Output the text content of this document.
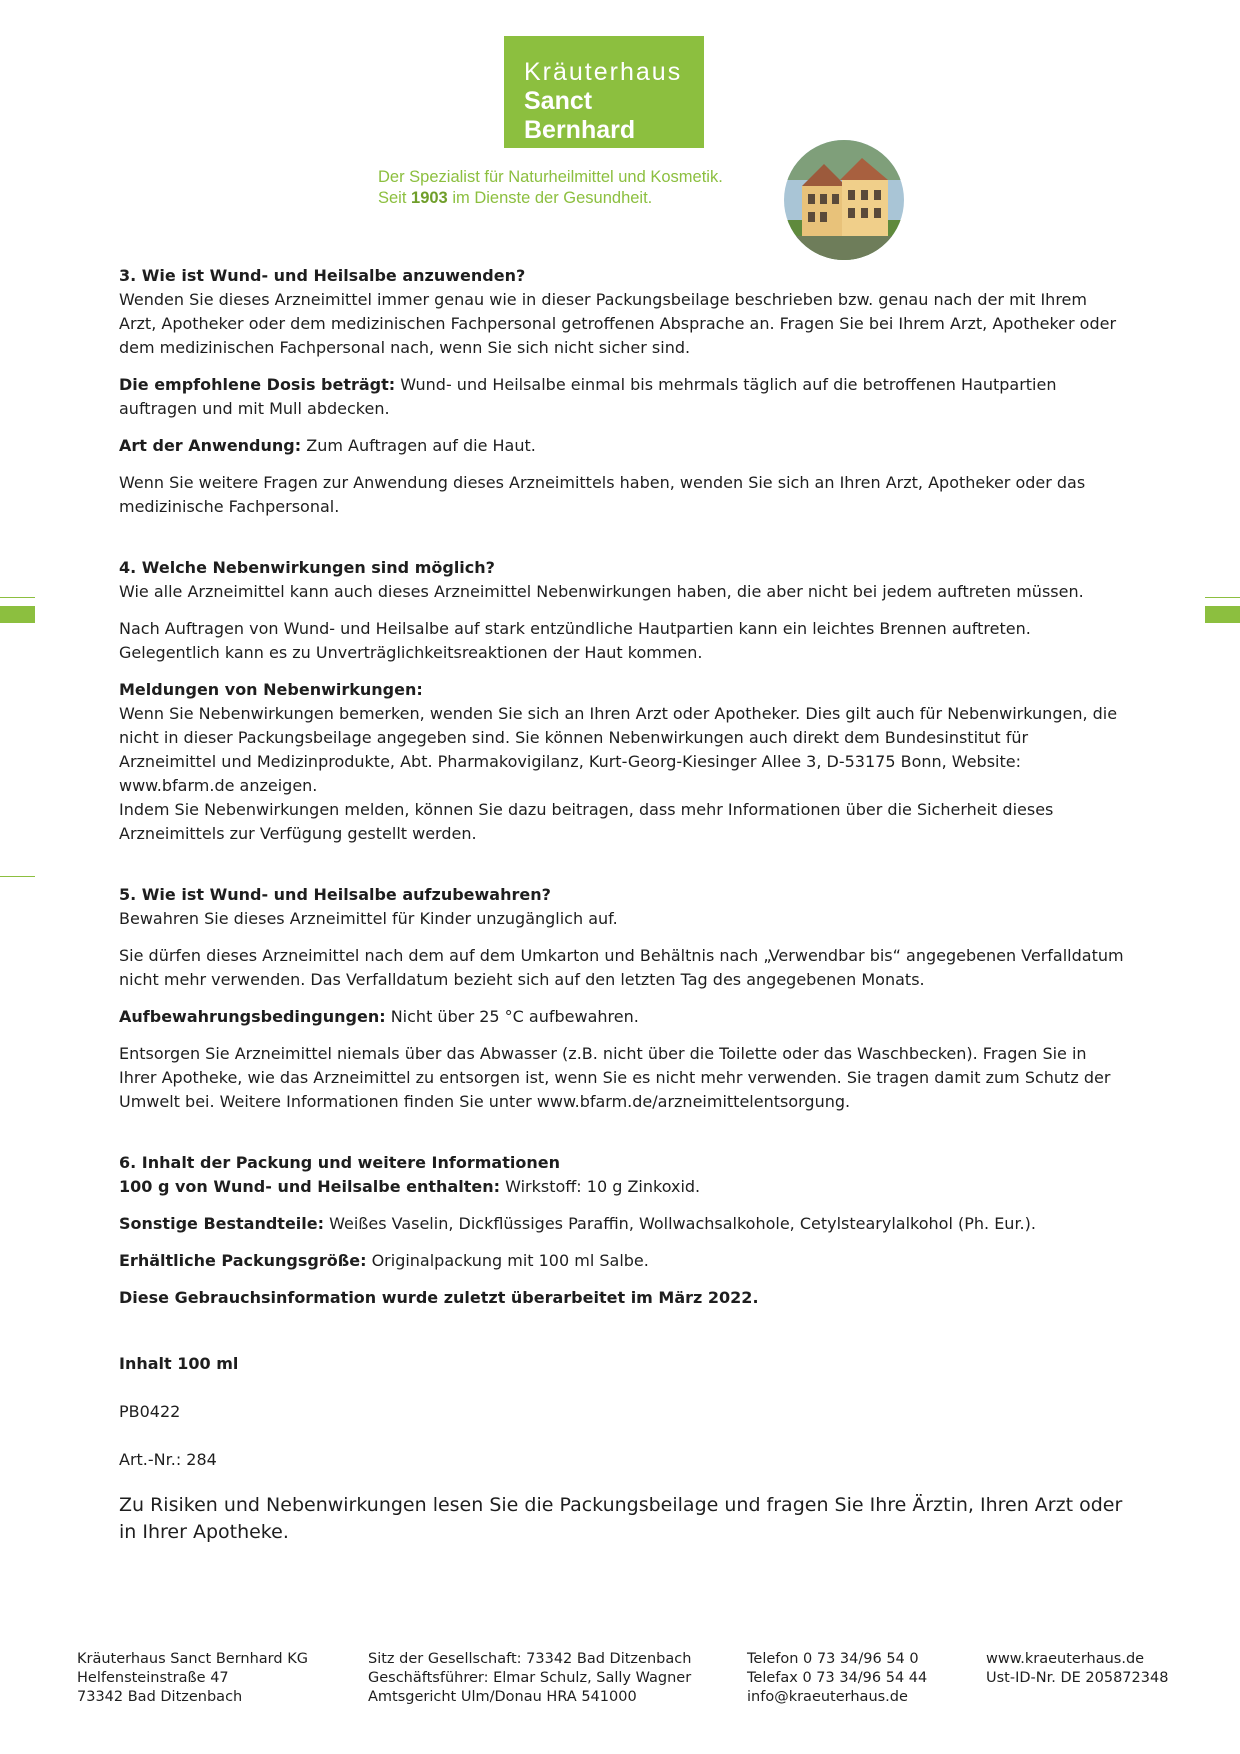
Kräuterhaus
Sanct Bernhard
Der Spezialist für Naturheilmittel und Kosmetik.
Seit 1903 im Dienste der Gesundheit.

3. Wie ist Wund- und Heilsalbe anzuwenden?

Wenden Sie dieses Arzneimittel immer genau wie in dieser Packungsbeilage beschrieben bzw. genau nach der mit Ihrem Arzt, Apotheker oder dem medizinischen Fachpersonal getroffenen Absprache an. Fragen Sie bei Ihrem Arzt, Apotheker oder dem medizinischen Fachpersonal nach, wenn Sie sich nicht sicher sind.

Die empfohlene Dosis beträgt: Wund- und Heilsalbe einmal bis mehrmals täglich auf die betroffenen Hautpartien auftragen und mit Mull abdecken.

Art der Anwendung: Zum Auftragen auf die Haut.

Wenn Sie weitere Fragen zur Anwendung dieses Arzneimittels haben, wenden Sie sich an Ihren Arzt, Apotheker oder das medizinische Fachpersonal.

4. Welche Nebenwirkungen sind möglich?

Wie alle Arzneimittel kann auch dieses Arzneimittel Nebenwirkungen haben, die aber nicht bei jedem auftreten müssen.

Nach Auftragen von Wund- und Heilsalbe auf stark entzündliche Hautpartien kann ein leichtes Brennen auftreten. Gelegentlich kann es zu Unverträglichkeitsreaktionen der Haut kommen.

Meldungen von Nebenwirkungen:

Wenn Sie Nebenwirkungen bemerken, wenden Sie sich an Ihren Arzt oder Apotheker. Dies gilt auch für Nebenwirkungen, die nicht in dieser Packungsbeilage angegeben sind. Sie können Nebenwirkungen auch direkt dem Bundesinstitut für Arzneimittel und Medizinprodukte, Abt. Pharmakovigilanz, Kurt-Georg-Kiesinger Allee 3, D-53175 Bonn, Website: www.bfarm.de anzeigen.

Indem Sie Nebenwirkungen melden, können Sie dazu beitragen, dass mehr Informationen über die Sicherheit dieses Arzneimittels zur Verfügung gestellt werden.

5. Wie ist Wund- und Heilsalbe aufzubewahren?

Bewahren Sie dieses Arzneimittel für Kinder unzugänglich auf.

Sie dürfen dieses Arzneimittel nach dem auf dem Umkarton und Behältnis nach „Verwendbar bis“ angegebenen Verfalldatum nicht mehr verwenden. Das Verfalldatum bezieht sich auf den letzten Tag des angegebenen Monats.

Aufbewahrungsbedingungen: Nicht über 25 °C aufbewahren.

Entsorgen Sie Arzneimittel niemals über das Abwasser (z.B. nicht über die Toilette oder das Waschbecken). Fragen Sie in Ihrer Apotheke, wie das Arzneimittel zu entsorgen ist, wenn Sie es nicht mehr verwenden. Sie tragen damit zum Schutz der Umwelt bei. Weitere Informationen finden Sie unter www.bfarm.de/arzneimittelentsorgung.

6. Inhalt der Packung und weitere Informationen

100 g von Wund- und Heilsalbe enthalten: Wirkstoff: 10 g Zinkoxid.

Sonstige Bestandteile: Weißes Vaselin, Dickflüssiges Paraffin, Wollwachsalkohole, Cetylstearylalkohol (Ph. Eur.).

Erhältliche Packungsgröße: Originalpackung mit 100 ml Salbe.

Diese Gebrauchsinformation wurde zuletzt überarbeitet im März 2022.

Inhalt 100 ml

PB0422

Art.-Nr.: 284

Zu Risiken und Nebenwirkungen lesen Sie die Packungsbeilage und fragen Sie Ihre Ärztin, Ihren Arzt oder in Ihrer Apotheke.

Kräuterhaus Sanct Bernhard KG
Helfensteinstraße 47
73342 Bad Ditzenbach
Sitz der Gesellschaft: 73342 Bad Ditzenbach
Geschäftsführer: Elmar Schulz, Sally Wagner
Amtsgericht Ulm/Donau HRA 541000
Telefon 0 73 34/96 54 0
Telefax 0 73 34/96 54 44
info@kraeuterhaus.de
www.kraeuterhaus.de
Ust-ID-Nr. DE 205872348
